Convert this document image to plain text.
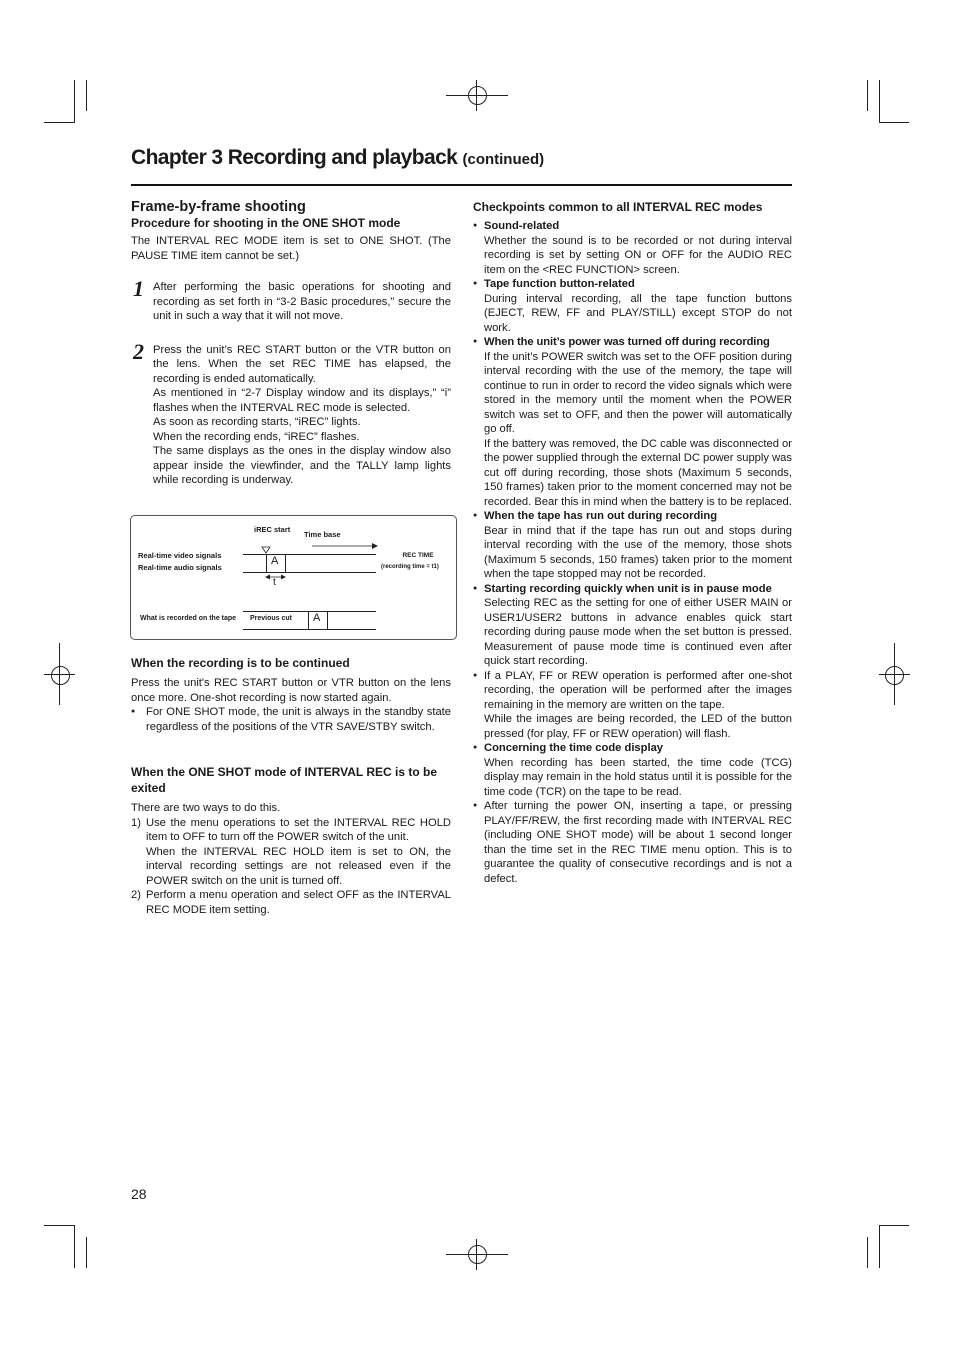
Chapter 3 Recording and playback (continued)

Frame-by-frame shooting

Procedure for shooting in the ONE SHOT mode

The INTERVAL REC MODE item is set to ONE SHOT. (The PAUSE TIME item cannot be set.)

1 After performing the basic operations for shooting and recording as set forth in “3-2 Basic procedures,” secure the unit in such a way that it will not move.

2 Press the unit’s REC START button or the VTR button on the lens. When the set REC TIME has elapsed, the recording is ended automatically.

As mentioned in “2-7 Display window and its displays,” “i” flashes when the INTERVAL REC mode is selected.

As soon as recording starts, “iREC” lights.

When the recording ends, “iREC” flashes.

The same displays as the ones in the display window also appear inside the viewfinder, and the TALLY lamp lights while recording is underway.

iREC start
Time base
Real-time video signals
Real-time audio signals
REC TIME
(recording time = t1)
A
t
What is recorded on the tape Previous cut A

When the recording is to be continued

Press the unit's REC START button or VTR button on the lens once more. One-shot recording is now started again.

● For ONE SHOT mode, the unit is always in the standby state regardless of the positions of the VTR SAVE/STBY switch.

When the ONE SHOT mode of INTERVAL REC is to be exited

There are two ways to do this.

1) Use the menu operations to set the INTERVAL REC HOLD item to OFF to turn off the POWER switch of the unit.

When the INTERVAL REC HOLD item is set to ON, the interval recording settings are not released even if the POWER switch on the unit is turned off.

2) Perform a menu operation and select OFF as the INTERVAL REC MODE item setting.

Checkpoints common to all INTERVAL REC modes

● Sound-related

Whether the sound is to be recorded or not during interval recording is set by setting ON or OFF for the AUDIO REC item on the <REC FUNCTION> screen.

● Tape function button-related

During interval recording, all the tape function buttons (EJECT, REW, FF and PLAY/STILL) except STOP do not work.

● When the unit’s power was turned off during recording

If the unit’s POWER switch was set to the OFF position during interval recording with the use of the memory, the tape will continue to run in order to record the video signals which were stored in the memory until the moment when the POWER switch was set to OFF, and then the power will automatically go off.

If the battery was removed, the DC cable was disconnected or the power supplied through the external DC power supply was cut off during recording, those shots (Maximum 5 seconds, 150 frames) taken prior to the moment concerned may not be recorded. Bear this in mind when the battery is to be replaced.

● When the tape has run out during recording

Bear in mind that if the tape has run out and stops during interval recording with the use of the memory, those shots (Maximum 5 seconds, 150 frames) taken prior to the moment when the tape stopped may not be recorded.

● Starting recording quickly when unit is in pause mode

Selecting REC as the setting for one of either USER MAIN or USER1/USER2 buttons in advance enables quick start recording during pause mode when the set button is pressed. Measurement of pause mode time is continued even after quick start recording.

● If a PLAY, FF or REW operation is performed after one-shot recording, the operation will be performed after the images remaining in the memory are written on the tape.

While the images are being recorded, the LED of the button pressed (for play, FF or REW operation) will flash.

● Concerning the time code display

When recording has been started, the time code (TCG) display may remain in the hold status until it is possible for the time code (TCR) on the tape to be read.

● After turning the power ON, inserting a tape, or pressing PLAY/FF/REW, the first recording made with INTERVAL REC (including ONE SHOT mode) will be about 1 second longer than the time set in the REC TIME menu option. This is to guarantee the quality of consecutive recordings and is not a defect.

28
